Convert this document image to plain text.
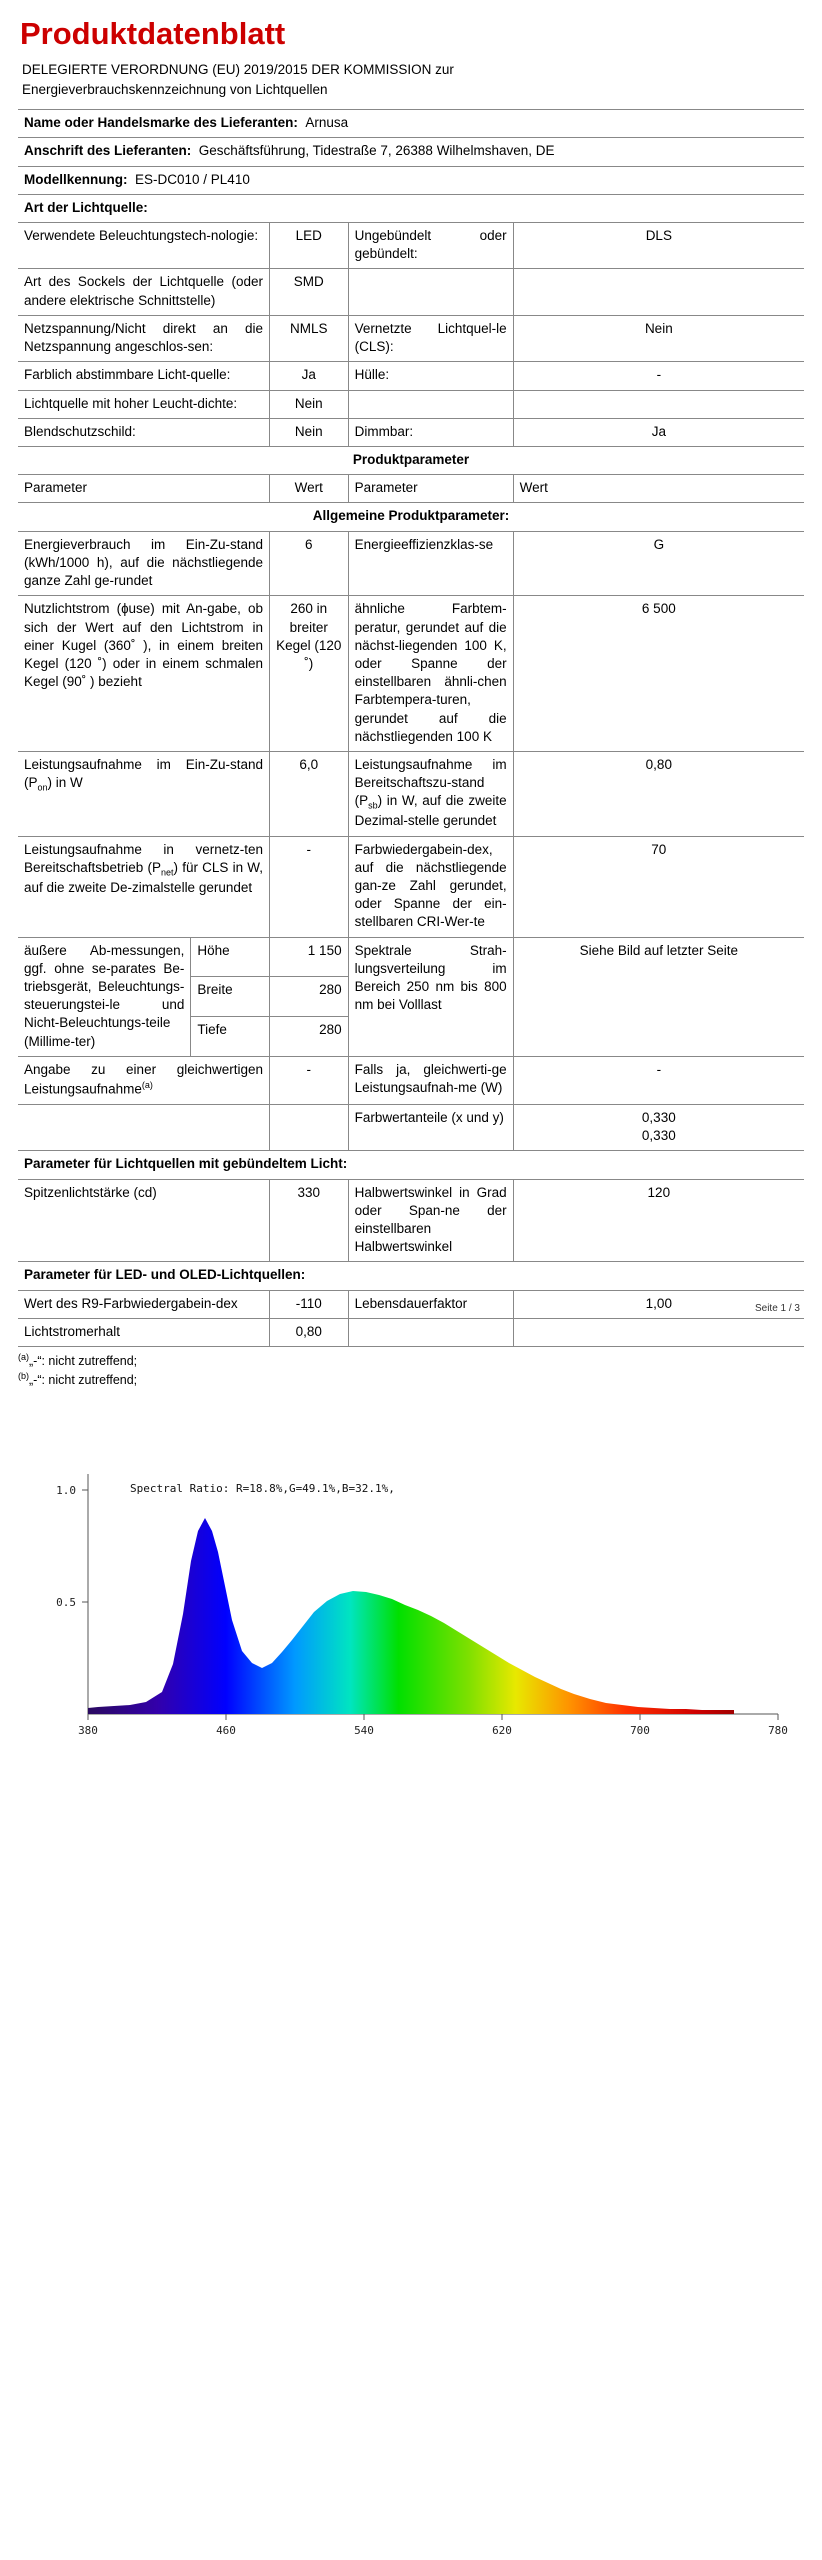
Produktdatenblatt
DELEGIERTE VERORDNUNG (EU) 2019/2015 DER KOMMISSION zur Energieverbrauchskennzeichnung von Lichtquellen
Name oder Handelsmarke des Lieferanten: Arnusa				
Anschrift des Lieferanten: Geschäftsführung, Tidestraße 7, 26388 Wilhelmshaven, DE				
Modellkennung: ES-DC010 / PL410				
Art der Lichtquelle:				
Verwendete Beleuchtungstech-nologie:		LED	Ungebündelt oder gebündelt:	DLS
Art des Sockels der Lichtquelle (oder andere elektrische Schnittstelle)		SMD		
Netzspannung/Nicht direkt an die Netzspannung angeschlos-sen:		NMLS	Vernetzte Lichtquel-le (CLS):	Nein
Farblich abstimmbare Licht-quelle:		Ja	Hülle:	-
Lichtquelle mit hoher Leucht-dichte:		Nein		
Blendschutzschild:		Nein	Dimmbar:	Ja
Produktparameter				
Parameter		Wert	Parameter	Wert
Allgemeine Produktparameter:				
Energieverbrauch im Ein-Zu-stand (kWh/1000 h), auf die nächstliegende ganze Zahl ge-rundet		6	Energieeffizienzklas-se	G
Nutzlichtstrom (ɸuse) mit An-gabe, ob sich der Wert auf den Lichtstrom in einer Kugel (360˚ ), in einem breiten Kegel (120 ˚) oder in einem schmalen Kegel (90˚ ) bezieht		260 in breiter Kegel (120 ˚)	ähnliche Farbtem-peratur, gerundet auf die nächst-liegenden 100 K, oder Spanne der einstellbaren ähnli-chen Farbtempera-turen, gerundet auf die nächstliegenden 100 K	6 500
Leistungsaufnahme im Ein-Zu-stand $(P_{on})$ in W		6,0	Leistungsaufnahme im Bereitschaftszu-stand $(P_{sb})$ in W, auf die zweite Dezimal-stelle gerundet	0,80
Leistungsaufnahme in vernetz-ten Bereitschaftsbetrieb $(P_{net})$ für CLS in W, auf die zweite De-zimalstelle gerundet		-	Farbwiedergabein-dex, auf die nächstliegende gan-ze Zahl gerundet, oder Spanne der ein-stellbaren CRI-Wer-te	70
äußere Ab-messungen, ggf. ohne se-parates Be-triebsgerät, Beleuchtungs-steuerungstei-le und Nicht-Beleuchtungs-teile (Millime-ter)	Höhe	1 150	Spektrale Strah-lungsverteilung im Bereich 250 nm bis 800 nm bei Volllast	Siehe Bild auf letzter Seite
	Breite	280		
	Tiefe	280		
Angabe zu einer gleichwertigen Leistungsaufnahme$^{(a)}$		-	Falls ja, gleichwerti-ge Leistungsaufnah-me (W)	-
			Farbwertanteile (x und y)	0,330
0,330
Parameter für Lichtquellen mit gebündeltem Licht:				
Spitzenlichtstärke (cd)		330	Halbwertswinkel in Grad oder Span-ne der einstellbaren Halbwertswinkel	120
Parameter für LED- und OLED-Lichtquellen:				
Wert des R9-Farbwiedergabein-dex		-110	Lebensdauerfaktor	1,00
Lichtstromerhalt		0,80		
$^{(a)}$„-“: nicht zutreffend;
$^{(b)}$„-“: nicht zutreffend;
Seite 1 / 3
1.0
0.5
380	460	540	620	700	780
Spectral Ratio: R=18.8%,G=49.1%,B=32.1%,
